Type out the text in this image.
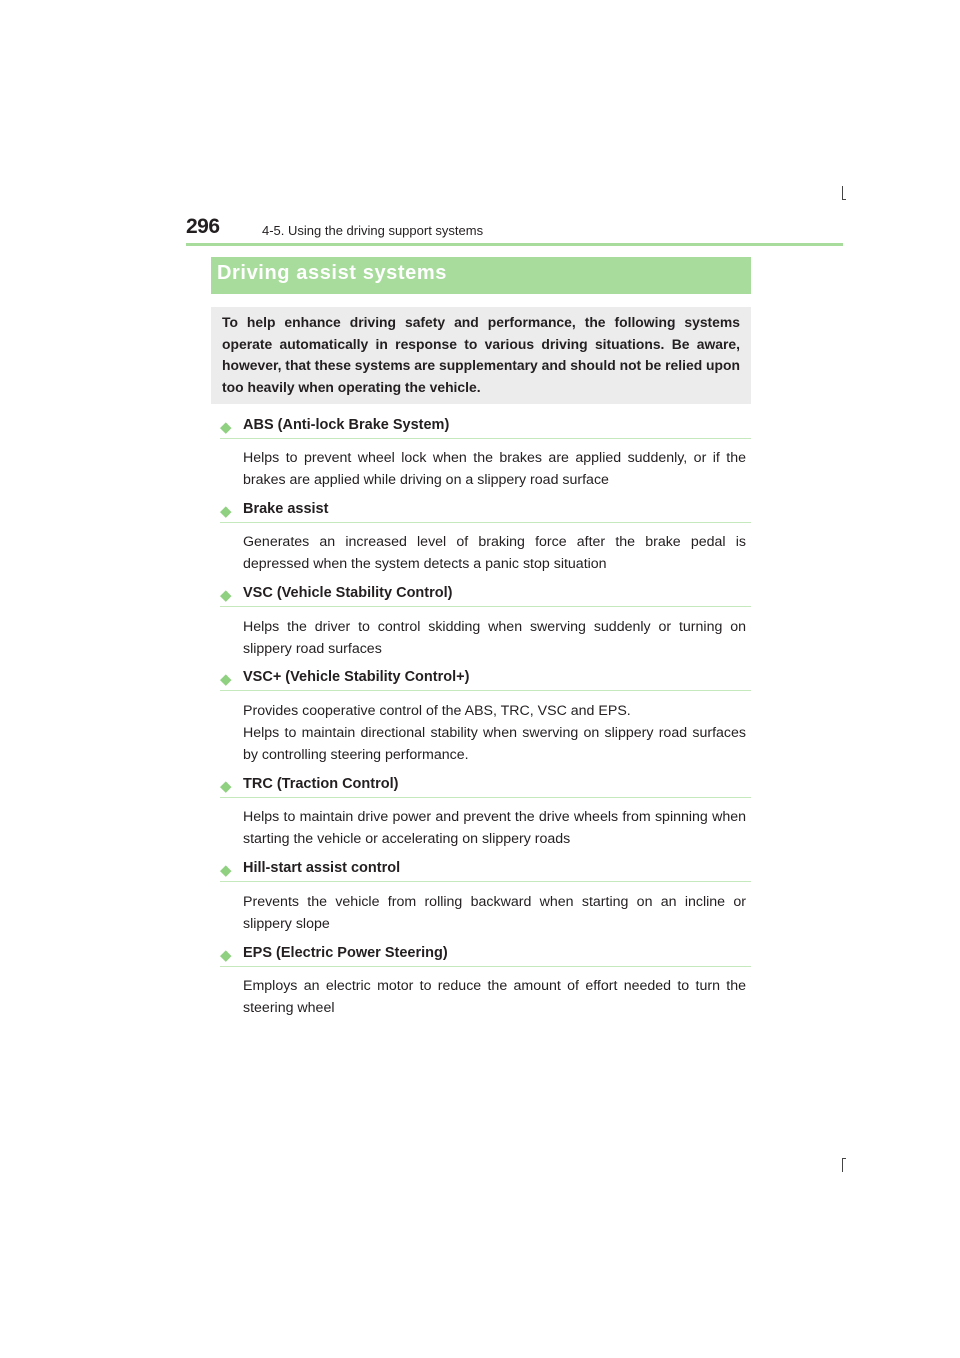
296	4-5. Using the driving support systems
Driving assist systems
To help enhance driving safety and performance, the following systems operate automatically in response to various driving situations. Be aware, however, that these systems are supplementary and should not be relied upon too heavily when operating the vehicle.
◆ ABS (Anti-lock Brake System)

Helps to prevent wheel lock when the brakes are applied suddenly, or if the brakes are applied while driving on a slippery road surface

◆ Brake assist

Generates an increased level of braking force after the brake pedal is depressed when the system detects a panic stop situation

◆ VSC (Vehicle Stability Control)

Helps the driver to control skidding when swerving suddenly or turning on slippery road surfaces

◆ VSC+ (Vehicle Stability Control+)

Provides cooperative control of the ABS, TRC, VSC and EPS.

Helps to maintain directional stability when swerving on slippery road surfaces by controlling steering performance.

◆ TRC (Traction Control)

Helps to maintain drive power and prevent the drive wheels from spinning when starting the vehicle or accelerating on slippery roads

◆ Hill-start assist control

Prevents the vehicle from rolling backward when starting on an incline or slippery slope

◆ EPS (Electric Power Steering)

Employs an electric motor to reduce the amount of effort needed to turn the steering wheel
